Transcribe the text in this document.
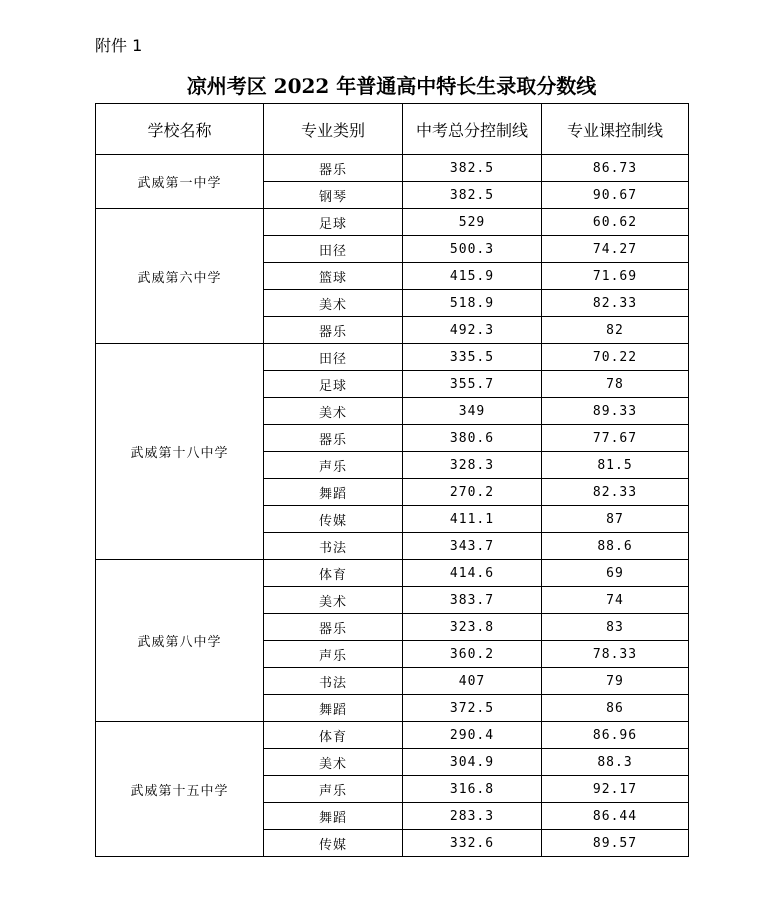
附件 1
凉州考区 2022 年普通高中特长生录取分数线
学校名称	专业类别	中考总分控制线	专业课控制线
武威第一中学	器乐	382.5	86.73
	钢琴	382.5	90.67
武威第六中学	足球	529	60.62
	田径	500.3	74.27
	篮球	415.9	71.69
	美术	518.9	82.33
	器乐	492.3	82
武威第十八中学	田径	335.5	70.22
	足球	355.7	78
	美术	349	89.33
	器乐	380.6	77.67
	声乐	328.3	81.5
	舞蹈	270.2	82.33
	传媒	411.1	87
	书法	343.7	88.6
武威第八中学	体育	414.6	69
	美术	383.7	74
	器乐	323.8	83
	声乐	360.2	78.33
	书法	407	79
	舞蹈	372.5	86
武威第十五中学	体育	290.4	86.96
	美术	304.9	88.3
	声乐	316.8	92.17
	舞蹈	283.3	86.44
	传媒	332.6	89.57
